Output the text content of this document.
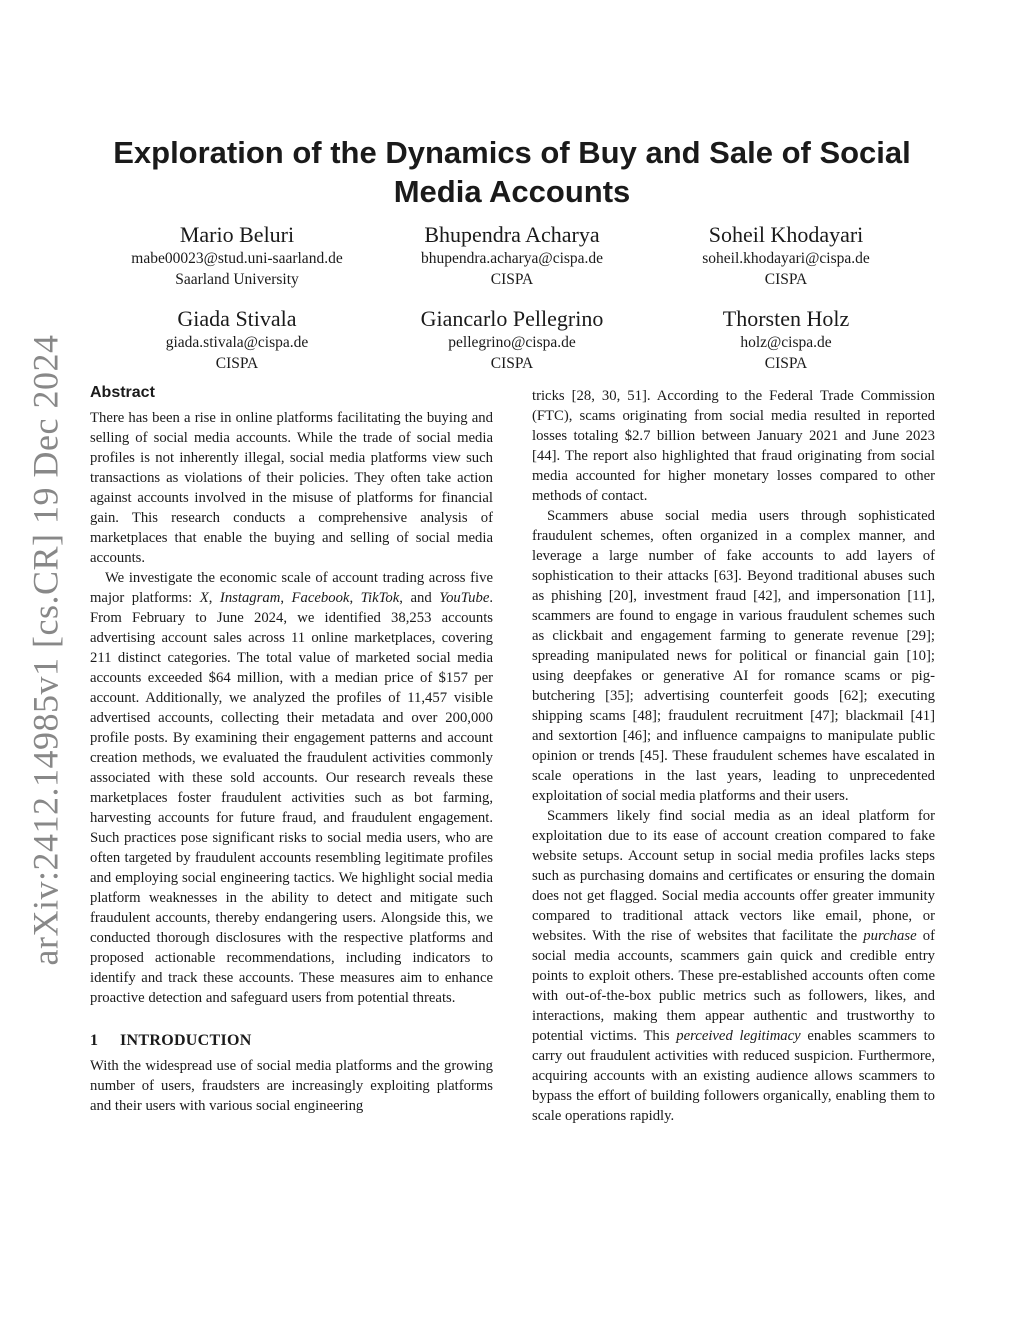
arXiv:2412.14985v1 [cs.CR] 19 Dec 2024
Exploration of the Dynamics of Buy and Sale of Social Media Accounts
Mario Beluri
mabe00023@stud.uni-saarland.de
Saarland University
Bhupendra Acharya
bhupendra.acharya@cispa.de
CISPA
Soheil Khodayari
soheil.khodayari@cispa.de
CISPA
Giada Stivala
giada.stivala@cispa.de
CISPA
Giancarlo Pellegrino
pellegrino@cispa.de
CISPA
Thorsten Holz
holz@cispa.de
CISPA
Abstract

There has been a rise in online platforms facilitating the buying and selling of social media accounts. While the trade of social media profiles is not inherently illegal, social media platforms view such transactions as violations of their policies. They often take action against accounts involved in the misuse of platforms for financial gain. This research conducts a comprehensive analysis of marketplaces that enable the buying and selling of social media accounts.

We investigate the economic scale of account trading across five major platforms: X, Instagram, Facebook, TikTok, and YouTube. From February to June 2024, we identified 38,253 accounts advertising account sales across 11 online marketplaces, covering 211 distinct categories. The total value of marketed social media accounts exceeded $64 million, with a median price of $157 per account. Additionally, we analyzed the profiles of 11,457 visible advertised accounts, collecting their metadata and over 200,000 profile posts. By examining their engagement patterns and account creation methods, we evaluated the fraudulent activities commonly associated with these sold accounts. Our research reveals these marketplaces foster fraudulent activities such as bot farming, harvesting accounts for future fraud, and fraudulent engagement. Such practices pose significant risks to social media users, who are often targeted by fraudulent accounts resembling legitimate profiles and employing social engineering tactics. We highlight social media platform weaknesses in the ability to detect and mitigate such fraudulent accounts, thereby endangering users. Alongside this, we conducted thorough disclosures with the respective platforms and proposed actionable recommendations, including indicators to identify and track these accounts. These measures aim to enhance proactive detection and safeguard users from potential threats.

1 INTRODUCTION

With the widespread use of social media platforms and the growing number of users, fraudsters are increasingly exploiting platforms and their users with various social engineering

tricks [28, 30, 51]. According to the Federal Trade Commission (FTC), scams originating from social media resulted in reported losses totaling $2.7 billion between January 2021 and June 2023 [44]. The report also highlighted that fraud originating from social media accounted for higher monetary losses compared to other methods of contact.

Scammers abuse social media users through sophisticated fraudulent schemes, often organized in a complex manner, and leverage a large number of fake accounts to add layers of sophistication to their attacks [63]. Beyond traditional abuses such as phishing [20], investment fraud [42], and impersonation [11], scammers are found to engage in various fraudulent schemes such as clickbait and engagement farming to generate revenue [29]; spreading manipulated news for political or financial gain [10]; using deepfakes or generative AI for romance scams or pig-butchering [35]; advertising counterfeit goods [62]; executing shipping scams [48]; fraudulent recruitment [47]; blackmail [41] and sextortion [46]; and influence campaigns to manipulate public opinion or trends [45]. These fraudulent schemes have escalated in scale operations in the last years, leading to unprecedented exploitation of social media platforms and their users.

Scammers likely find social media as an ideal platform for exploitation due to its ease of account creation compared to fake website setups. Account setup in social media profiles lacks steps such as purchasing domains and certificates or ensuring the domain does not get flagged. Social media accounts offer greater immunity compared to traditional attack vectors like email, phone, or websites. With the rise of websites that facilitate the purchase of social media accounts, scammers gain quick and credible entry points to exploit others. These pre-established accounts often come with out-of-the-box public metrics such as followers, likes, and interactions, making them appear authentic and trustworthy to potential victims. This perceived legitimacy enables scammers to carry out fraudulent activities with reduced suspicion. Furthermore, acquiring accounts with an existing audience allows scammers to bypass the effort of building followers organically, enabling them to scale operations rapidly.
